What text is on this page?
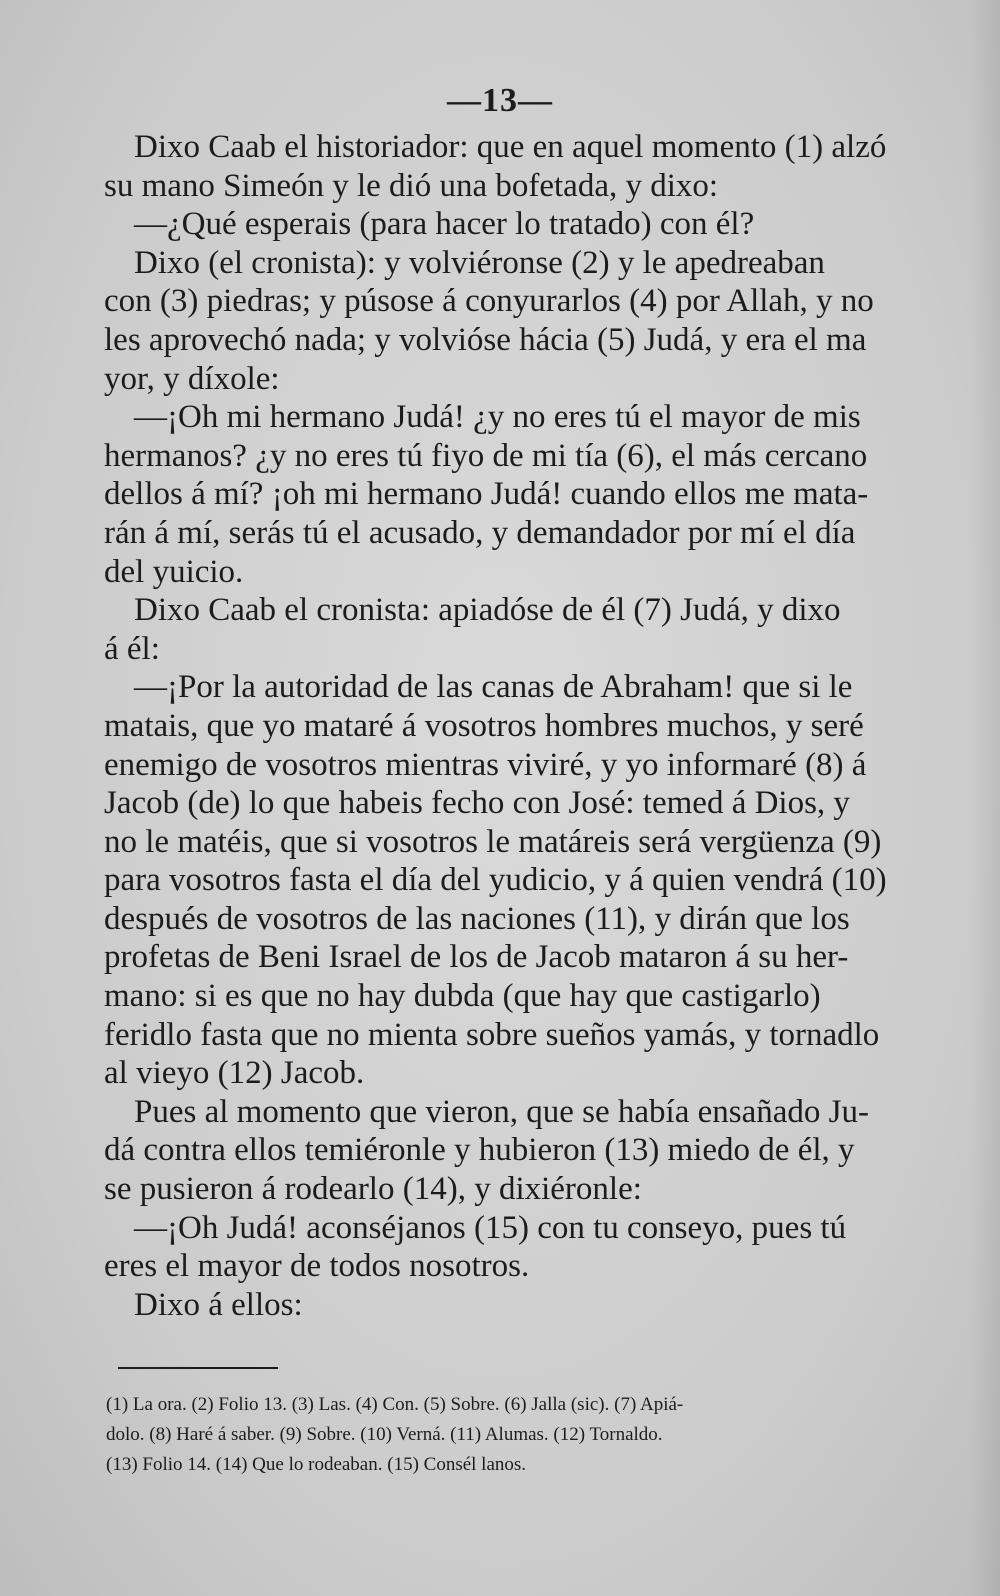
—13—
Dixo Caab el historiador: que en aquel momento (1) alzó
su mano Simeón y le dió una bofetada, y dixo:
—¿Qué esperais (para hacer lo tratado) con él?
Dixo (el cronista): y volviéronse (2) y le apedreaban
con (3) piedras; y púsose á conyurarlos (4) por Allah, y no
les aprovechó nada; y volvióse hácia (5) Judá, y era el ma
yor, y díxole:
—¡Oh mi hermano Judá! ¿y no eres tú el mayor de mis
hermanos? ¿y no eres tú fiyo de mi tía (6), el más cercano
dellos á mí? ¡oh mi hermano Judá! cuando ellos me mata-
rán á mí, serás tú el acusado, y demandador por mí el día
del yuicio.
Dixo Caab el cronista: apiadóse de él (7) Judá, y dixo
á él:
—¡Por la autoridad de las canas de Abraham! que si le
matais, que yo mataré á vosotros hombres muchos, y seré
enemigo de vosotros mientras viviré, y yo informaré (8) á
Jacob (de) lo que habeis fecho con José: temed á Dios, y
no le matéis, que si vosotros le matáreis será vergüenza (9)
para vosotros fasta el día del yudicio, y á quien vendrá (10)
después de vosotros de las naciones (11), y dirán que los
profetas de Beni Israel de los de Jacob mataron á su her-
mano: si es que no hay dubda (que hay que castigarlo)
feridlo fasta que no mienta sobre sueños yamás, y tornadlo
al vieyo (12) Jacob.
Pues al momento que vieron, que se había ensañado Ju-
dá contra ellos temiéronle y hubieron (13) miedo de él, y
se pusieron á rodearlo (14), y dixiéronle:
—¡Oh Judá! aconséjanos (15) con tu conseyo, pues tú
eres el mayor de todos nosotros.
Dixo á ellos:
(1) La ora. (2) Folio 13. (3) Las. (4) Con. (5) Sobre. (6) Jalla (sic). (7) Apiá-
dolo. (8) Haré á saber. (9) Sobre. (10) Verná. (11) Alumas. (12) Tornaldo.
(13) Folio 14. (14) Que lo rodeaban. (15) Consél lanos.
